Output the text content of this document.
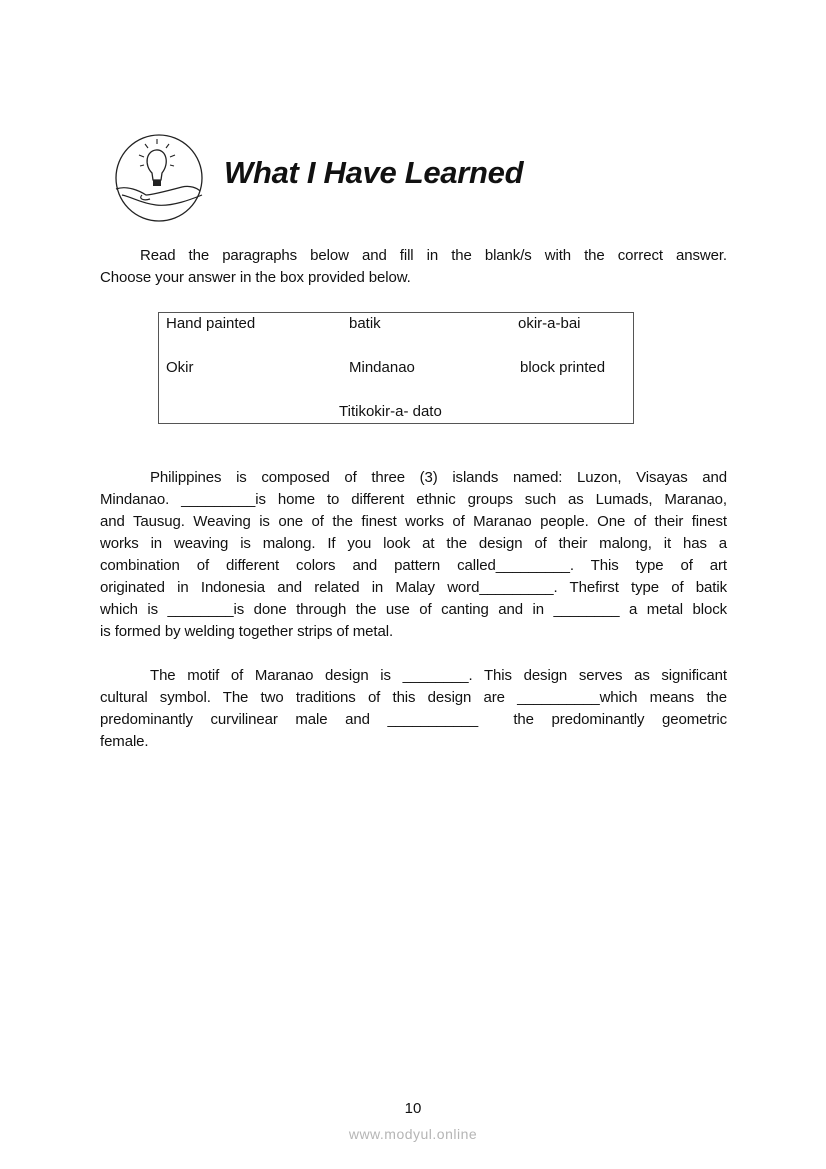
What I Have Learned
Read the paragraphs below and fill in the blank/s with the correct answer.
Choose your answer in the box provided below.
Hand painted	batik	okir-a-bai
Okir	Mindanao	block printed
Titikokir-a- dato
Philippines is composed of three (3) islands named: Luzon, Visayas and
Mindanao. _________is home to different ethnic groups such as Lumads, Maranao,
and Tausug. Weaving is one of the finest works of Maranao people. One of their finest
works in weaving is malong. If you look at the design of their malong, it has a
combination of different colors and pattern called_________. This type of art
originated in Indonesia and related in Malay word_________. Thefirst type of batik
which is ________is done through the use of canting and in ________ a metal block
is formed by welding together strips of metal.
The motif of Maranao design is ________. This design serves as significant
cultural symbol. The two traditions of this design are __________which means the
predominantly curvilinear male and ___________  the predominantly geometric
female.
10
www.modyul.online
